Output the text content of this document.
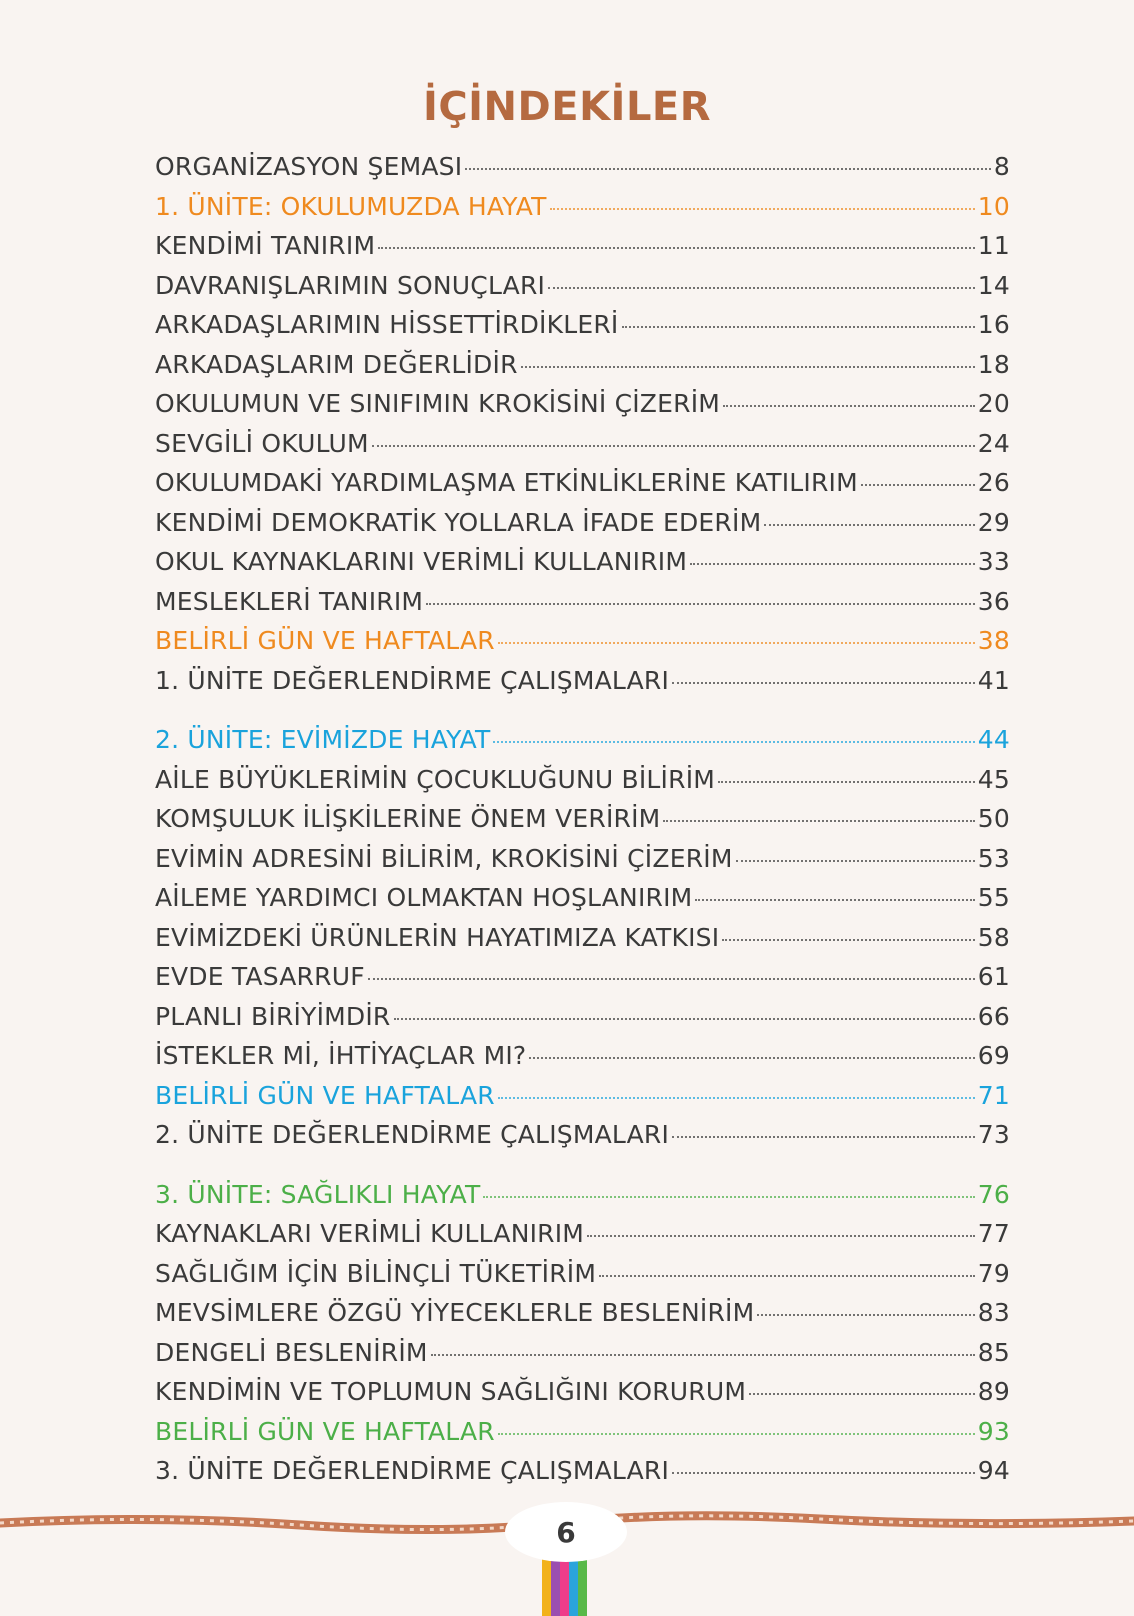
İÇİNDEKİLER
ORGANİZASYON ŞEMASI	8
1. ÜNİTE: OKULUMUZDA HAYAT	10
KENDİMİ TANIRIM	11
DAVRANIŞLARIMIN SONUÇLARI	14
ARKADAŞLARIMIN HİSSETTİRDİKLERİ	16
ARKADAŞLARIM DEĞERLİDİR	18
OKULUMUN VE SINIFIMIN KROKİSİNİ ÇİZERİM	20
SEVGİLİ OKULUM	24
OKULUMDAKİ YARDIMLAŞMA ETKİNLİKLERİNE KATILIRIM	26
KENDİMİ DEMOKRATİK YOLLARLA İFADE EDERİM	29
OKUL KAYNAKLARINI VERİMLİ KULLANIRIM	33
MESLEKLERİ TANIRIM	36
BELİRLİ GÜN VE HAFTALAR	38
1. ÜNİTE DEĞERLENDİRME ÇALIŞMALARI	41
2. ÜNİTE: EVİMİZDE HAYAT	44
AİLE BÜYÜKLERİMİN ÇOCUKLUĞUNU BİLİRİM	45
KOMŞULUK İLİŞKİLERİNE ÖNEM VERİRİM	50
EVİMİN ADRESİNİ BİLİRİM, KROKİSİNİ ÇİZERİM	53
AİLEME YARDIMCI OLMAKTAN HOŞLANIRIM	55
EVİMİZDEKİ ÜRÜNLERİN HAYATIMIZA KATKISI	58
EVDE TASARRUF	61
PLANLI BİRİYİMDİR	66
İSTEKLER Mİ, İHTİYAÇLAR MI?	69
BELİRLİ GÜN VE HAFTALAR	71
2. ÜNİTE DEĞERLENDİRME ÇALIŞMALARI	73
3. ÜNİTE: SAĞLIKLI HAYAT	76
KAYNAKLARI VERİMLİ KULLANIRIM	77
SAĞLIĞIM İÇİN BİLİNÇLİ TÜKETİRİM	79
MEVSİMLERE ÖZGÜ YİYECEKLERLE BESLENİRİM	83
DENGELİ BESLENİRİM	85
KENDİMİN VE TOPLUMUN SAĞLIĞINI KORURUM	89
BELİRLİ GÜN VE HAFTALAR	93
3. ÜNİTE DEĞERLENDİRME ÇALIŞMALARI	94
6
